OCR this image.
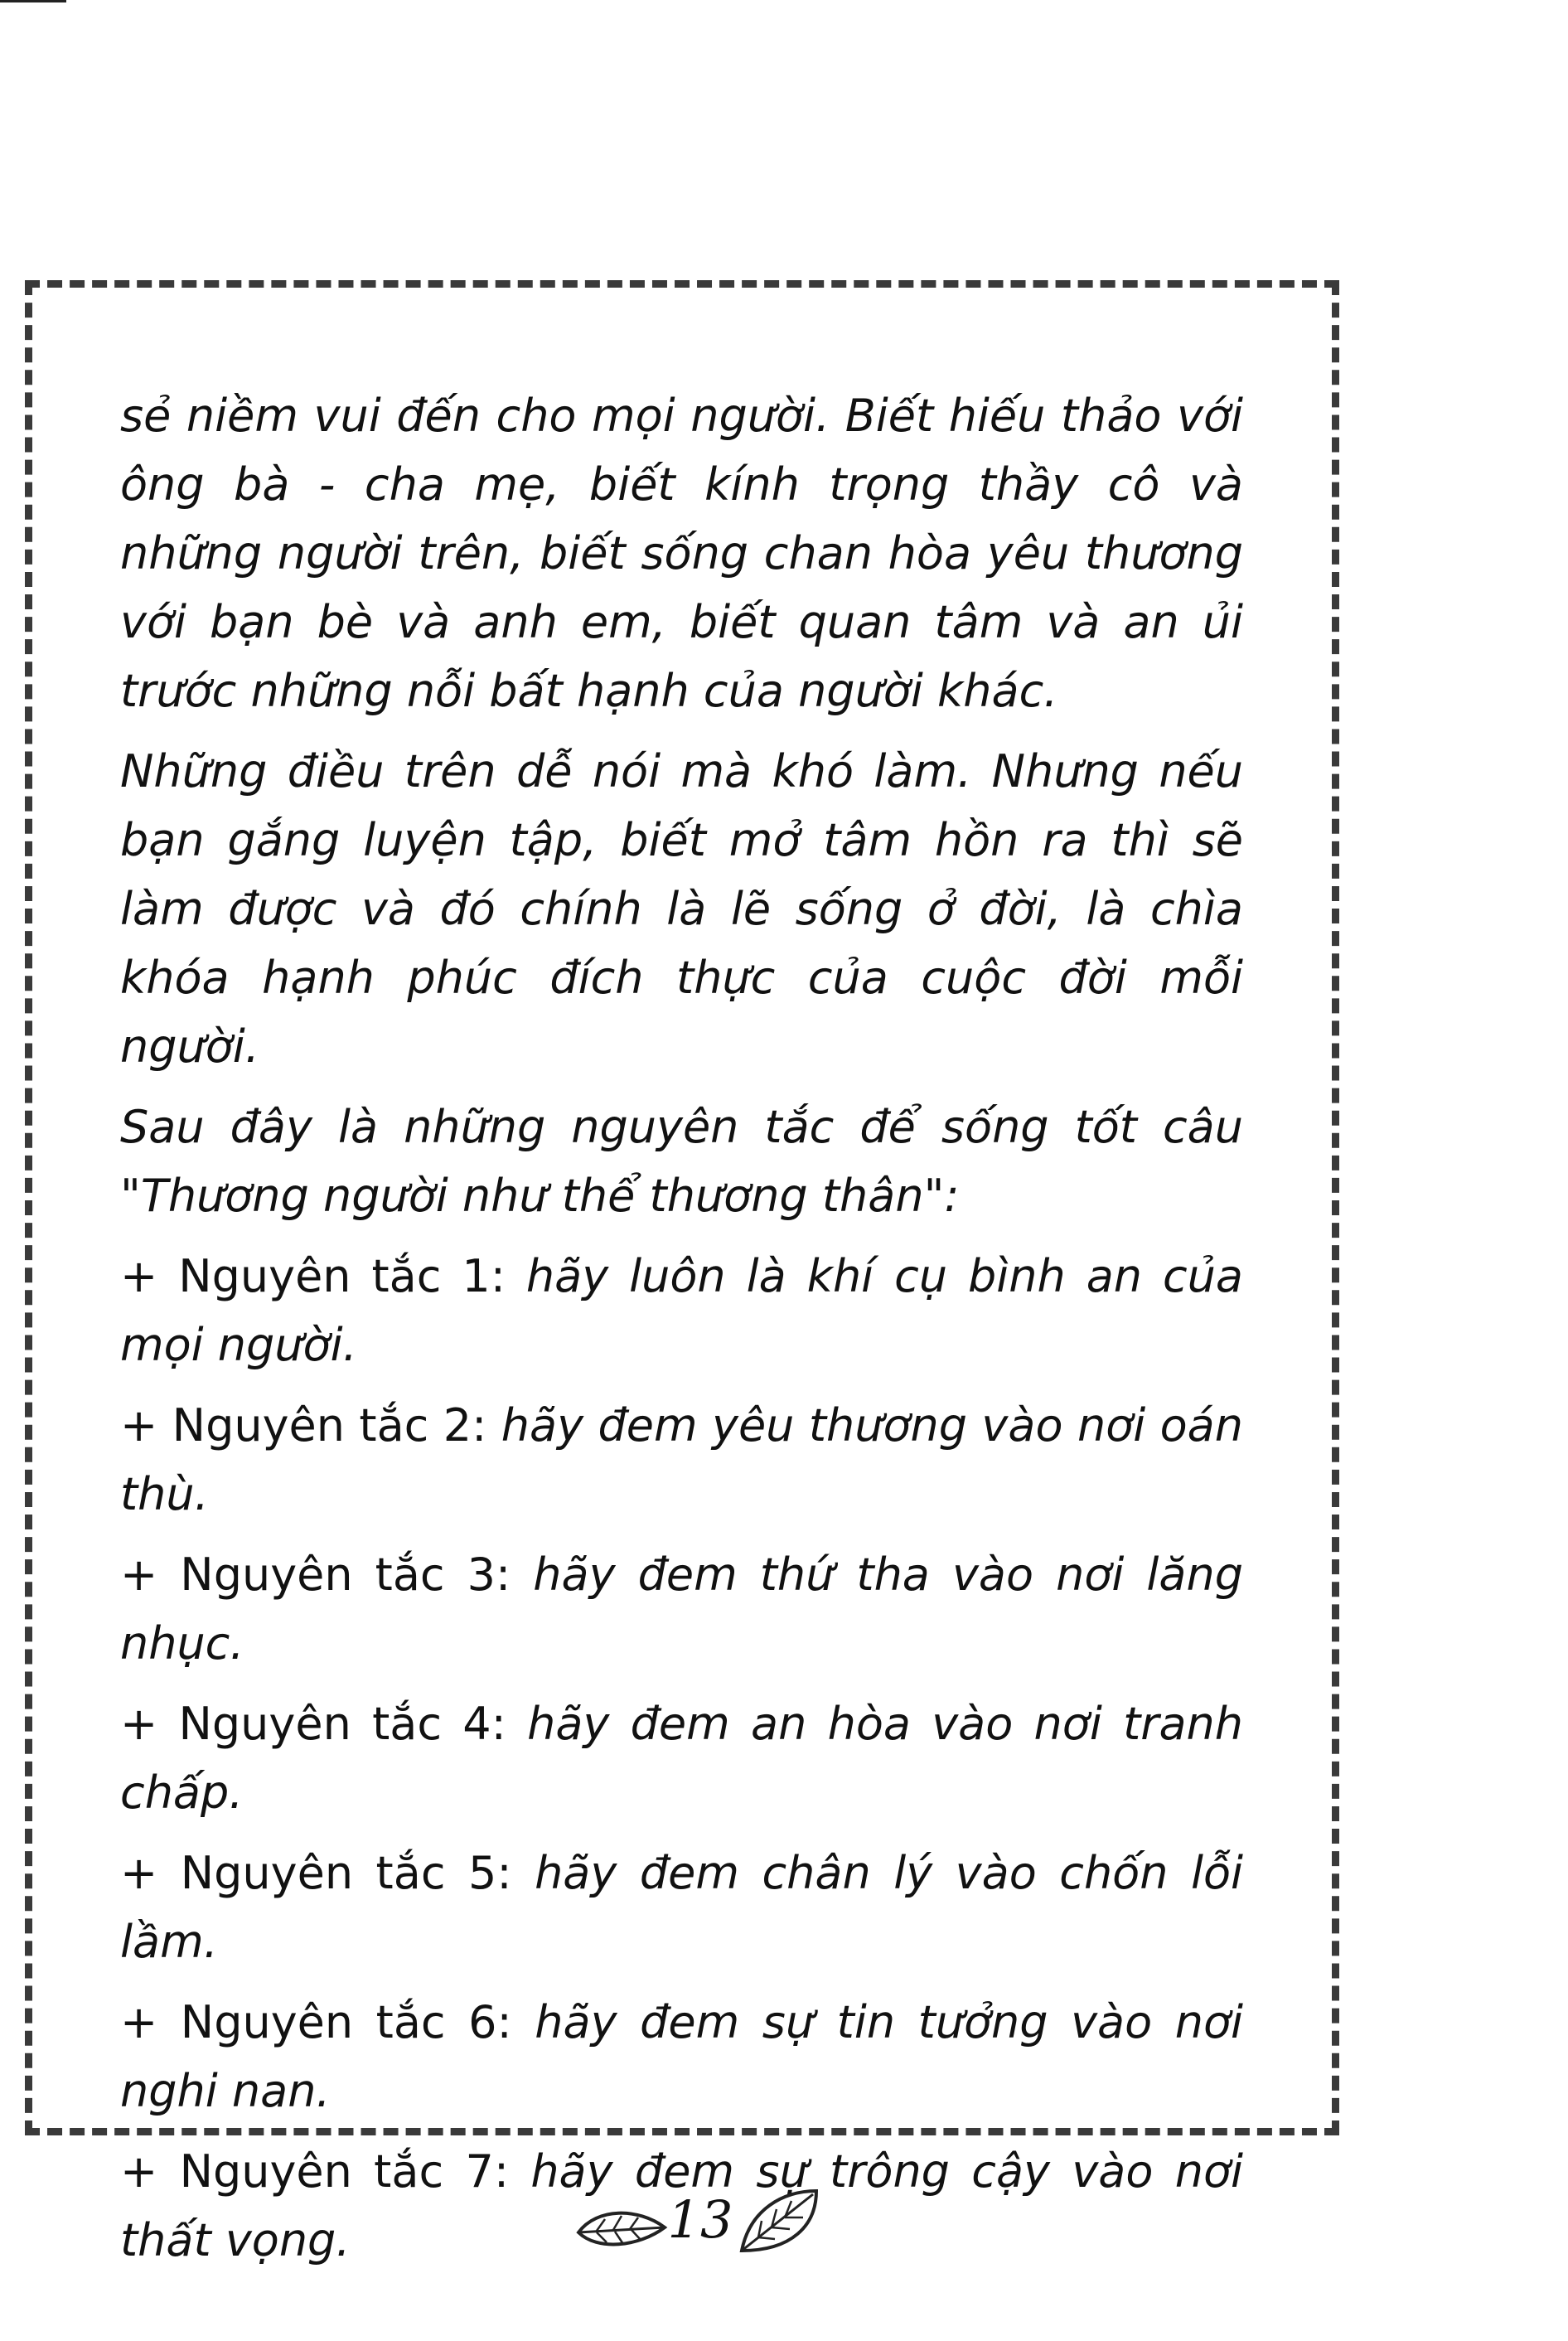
sẻ niềm vui đến cho mọi người. Biết hiếu thảo với ông bà - cha mẹ, biết kính trọng thầy cô và những người trên, biết sống chan hòa yêu thương với bạn bè và anh em, biết quan tâm và an ủi trước những nỗi bất hạnh của người khác.

Những điều trên dễ nói mà khó làm. Nhưng nếu bạn gắng luyện tập, biết mở tâm hồn ra thì sẽ làm được và đó chính là lẽ sống ở đời, là chìa khóa hạnh phúc đích thực của cuộc đời mỗi người.

Sau đây là những nguyên tắc để sống tốt câu "Thương người như thể thương thân":

+ Nguyên tắc 1: hãy luôn là khí cụ bình an của mọi người.

+ Nguyên tắc 2: hãy đem yêu thương vào nơi oán thù.

+ Nguyên tắc 3: hãy đem thứ tha vào nơi lăng nhục.

+ Nguyên tắc 4: hãy đem an hòa vào nơi tranh chấp.

+ Nguyên tắc 5: hãy đem chân lý vào chốn lỗi lầm.

+ Nguyên tắc 6: hãy đem sự tin tưởng vào nơi nghi nan.

+ Nguyên tắc 7: hãy đem sự trông cậy vào nơi thất vọng.	13
